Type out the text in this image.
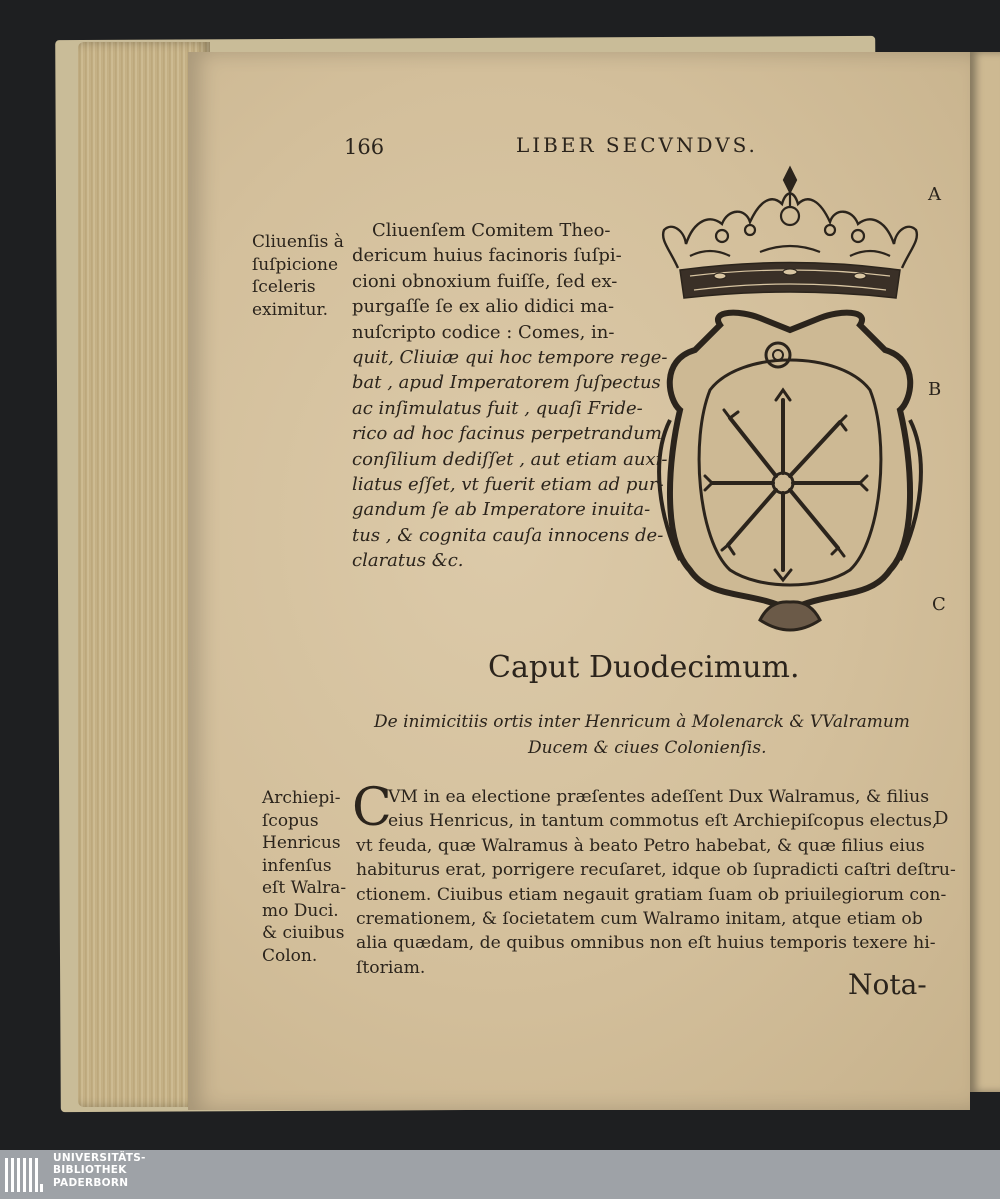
166	LIBER SECVNDVS.
A
B
C
D
Cliuenſis à
ſuſpicione
ſceleris
eximitur.
Cliuenſem Comitem Theo-
dericum huius facinoris ſuſpi-
cioni obnoxium fuiſſe, ſed ex-
purgaſſe ſe ex alio didici ma-
nuſcripto codice : Comes, in-
quit, Cliuiæ qui hoc tempore rege-
bat , apud Imperatorem ſuſpectus
ac inſimulatus fuit , quaſi Fride-
rico ad hoc facinus perpetrandum
conſilium dediſſet , aut etiam auxi-
liatus eſſet, vt fuerit etiam ad pur-
gandum ſe ab Imperatore inuita-
tus , & cognita cauſa innocens de-
claratus &c.
Caput Duodecimum.
De inimicitiis ortis inter Henricum à Molenarck & VValramum
Ducem & ciues Colonienſis.
Archiepi-
ſcopus
Henricus
infenſus
eſt Walra-
mo Duci.
& ciuibus
Colon.
C
VM in ea electione præſentes adeſſent Dux Walramus, & filius
eius Henricus, in tantum commotus eſt Archiepiſcopus electus,
vt feuda, quæ Walramus à beato Petro habebat, & quæ filius eius
habiturus erat, porrigere recuſaret, idque ob ſupradicti caſtri deſtru-
ctionem. Ciuibus etiam negauit gratiam ſuam ob priuilegiorum con-
cremationem, & ſocietatem cum Walramo initam, atque etiam ob
alia quædam, de quibus omnibus non eſt huius temporis texere hi-
ſtoriam.
Nota-
UNIVERSITÄTS-
BIBLIOTHEK
PADERBORN
